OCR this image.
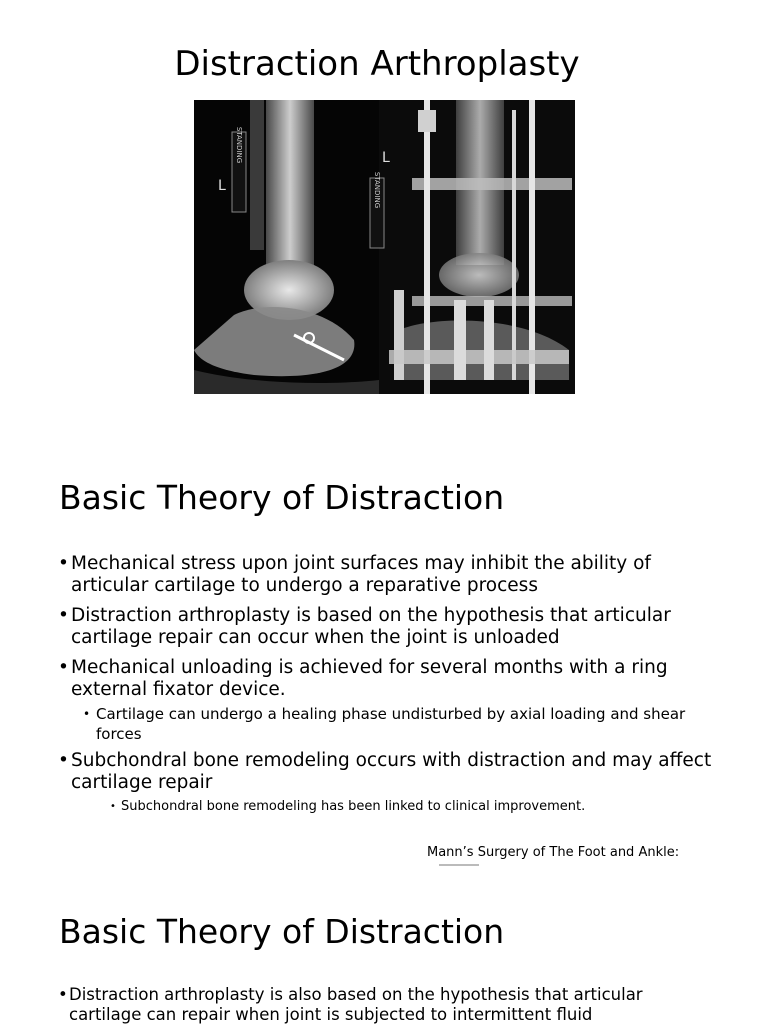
Distraction Arthroplasty
STANDING
L	STANDING
L
Basic Theory of Distraction
• Mechanical stress upon joint surfaces may inhibit the ability of articular cartilage to undergo a reparative process
• Distraction arthroplasty is based on the hypothesis that articular cartilage repair can occur when the joint is unloaded
• Mechanical unloading is achieved for several months with a ring external fixator device.
• Cartilage can undergo a healing phase undisturbed by axial loading and shear forces
• Subchondral bone remodeling occurs with distraction and may affect cartilage repair
• Subchondral bone remodeling has been linked to clinical improvement.
Mann’s Surgery of The Foot and Ankle:
Basic Theory of Distraction
• Distraction arthroplasty is also based on the hypothesis that articular cartilage can repair when joint is subjected to intermittent fluid
